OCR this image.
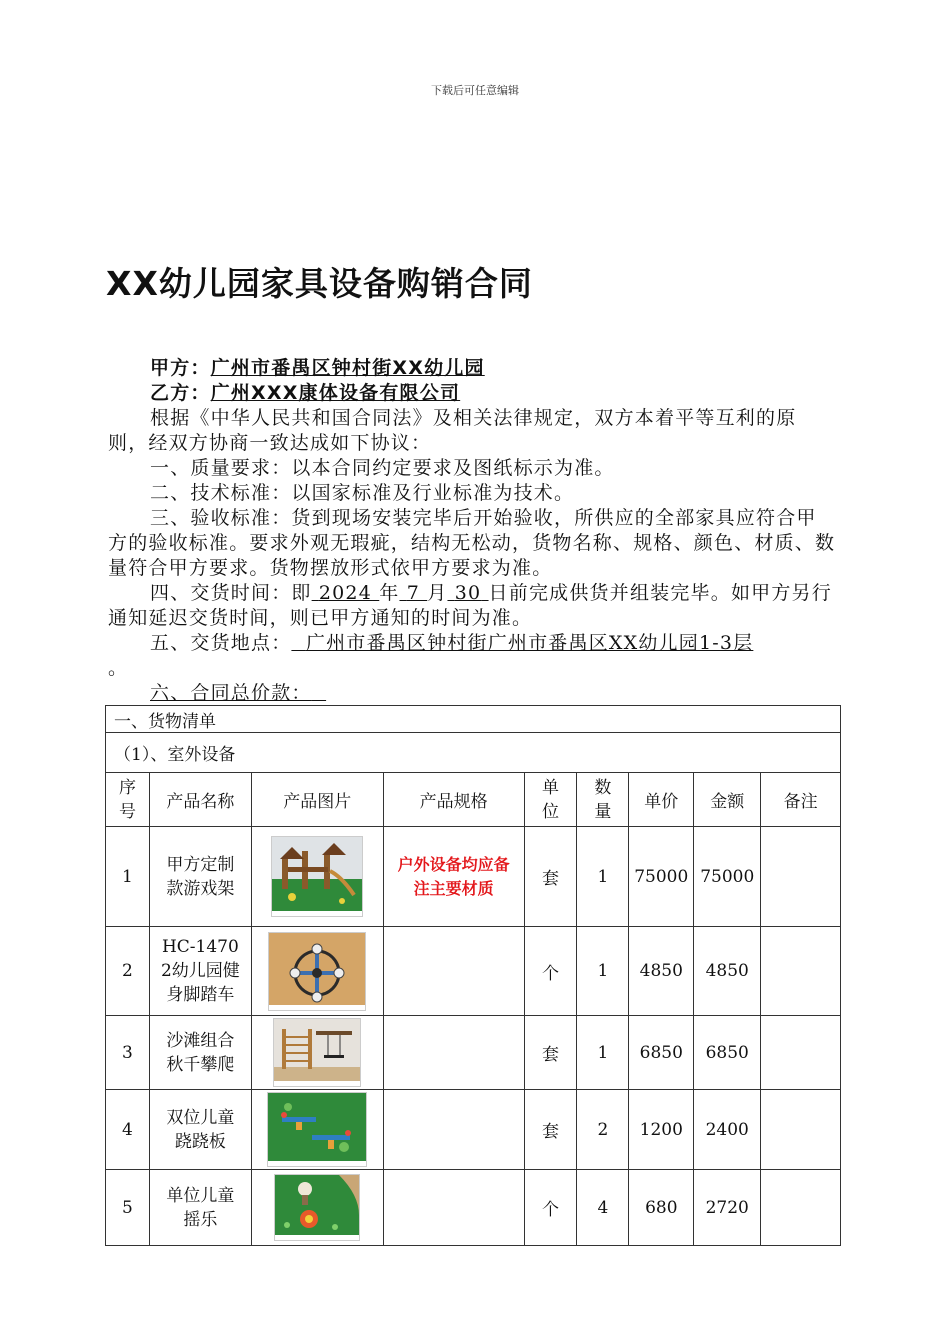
下载后可任意编辑
XX幼儿园家具设备购销合同

甲方：广州市番禺区钟村街XX幼儿园

乙方：广州XXX康体设备有限公司

根据《中华人民共和国合同法》及相关法律规定，双方本着平等互利的原则，经双方协商一致达成如下协议：

一、质量要求：以本合同约定要求及图纸标示为准。

二、技术标准：以国家标准及行业标准为技术。

三、验收标准：货到现场安装完毕后开始验收，所供应的全部家具应符合甲方的验收标准。要求外观无瑕疵，结构无松动，货物名称、规格、颜色、材质、数量符合甲方要求。货物摆放形式依甲方要求为准。

四、交货时间：即 2024 年 7 月 30 日前完成供货并组装完毕。如甲方另行通知延迟交货时间，则已甲方通知的时间为准。

五、交货地点： 广州市番禺区钟村街广州市番禺区XX幼儿园1-3层
。

六、合同总价款：

一、货物清单								
（1）、室外设备								

序号	产品名称	产品图片	产品规格	单位	数量	单价	金额	备注
1	甲方定制款游戏架		户外设备均应备注主要材质	套	1	75000	75000	
2	HC-14702幼儿园健身脚踏车			个	1	4850	4850	
3	沙滩组合秋千攀爬			套	1	6850	6850	
4	双位儿童跷跷板			套	2	1200	2400	
5	单位儿童摇乐			个	4	680	2720	
